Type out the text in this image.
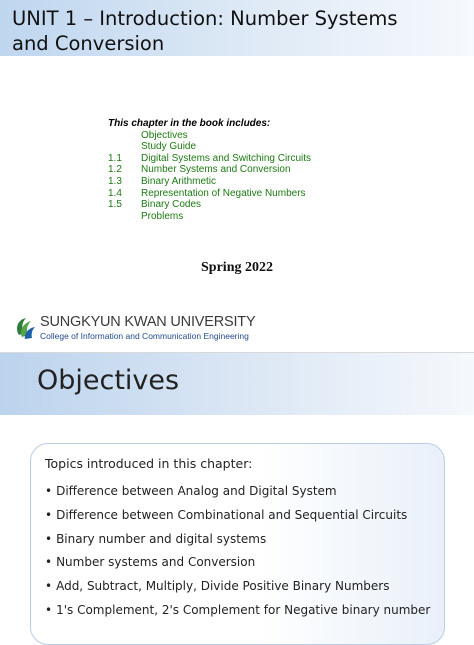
UNIT 1 – Introduction: Number Systems
and Conversion
This chapter in the book includes:
Objectives
Study Guide
1.1	Digital Systems and Switching Circuits
1.2	Number Systems and Conversion
1.3	Binary Arithmetic
1.4	Representation of Negative Numbers
1.5	Binary Codes
Problems
Spring 2022
SUNGKYUN KWAN UNIVERSITY
College of Information and Communication Engineering
Objectives
Topics introduced in this chapter:
• Difference between Analog and Digital System
• Difference between Combinational and Sequential Circuits
• Binary number and digital systems
• Number systems and Conversion
• Add, Subtract, Multiply, Divide Positive Binary Numbers
• 1's Complement, 2's Complement for Negative binary number
